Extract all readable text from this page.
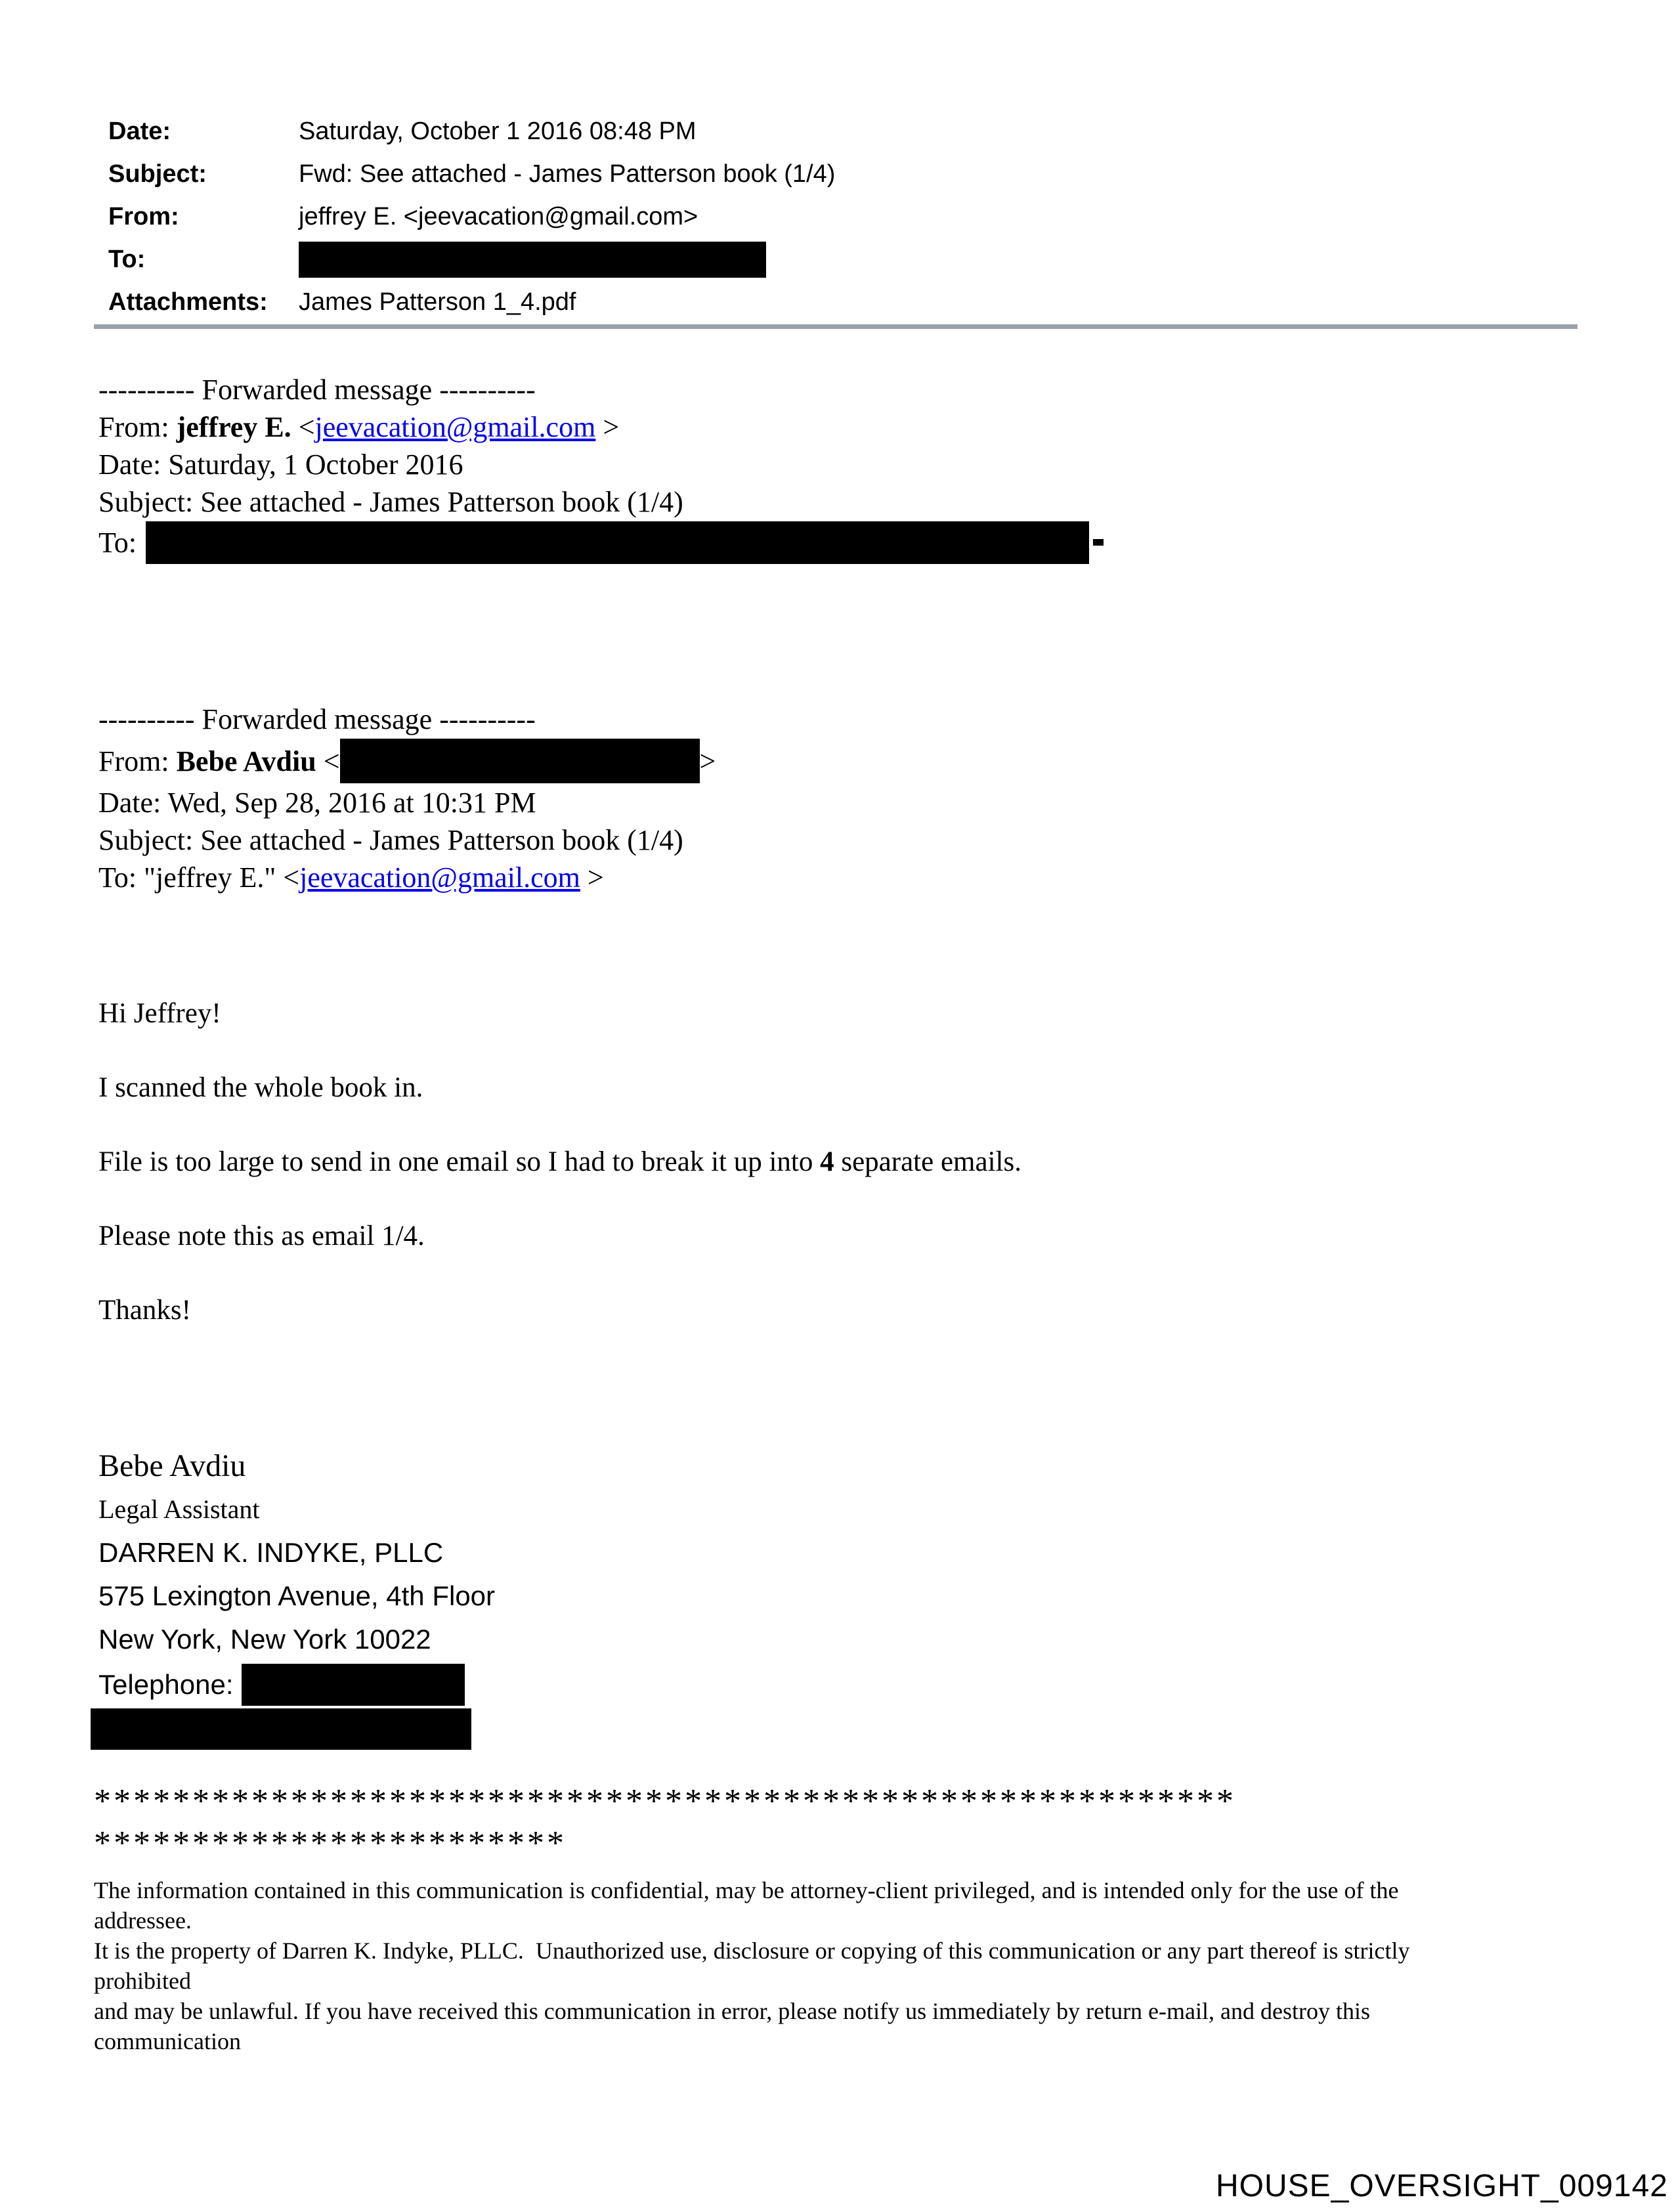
Date:	Saturday, October 1 2016 08:48 PM
Subject:	Fwd: See attached - James Patterson book (1/4)
From:	jeffrey E. <jeevacation@gmail.com>
To:
Attachments:	James Patterson 1_4.pdf
---------- Forwarded message ----------
From: jeffrey E. <jeevacation@gmail.com >
Date: Saturday, 1 October 2016
Subject: See attached - James Patterson book (1/4)
To:
---------- Forwarded message ----------
From:
Bebe Avdiu
<	>
Date: Wed, Sep 28, 2016 at 10:31 PM
Subject: See attached - James Patterson book (1/4)
To: "jeffrey E." <jeevacation@gmail.com >

Hi Jeffrey!

I scanned the whole book in.

File is too large to send in one email so I had to break it up into 4 separate emails.

Please note this as email 1/4.

Thanks!

Bebe Avdiu
Legal Assistant
DARREN K. INDYKE, PLLC
575 Lexington Avenue, 4th Floor
New York, New York 10022
Telephone:
**********************************************************
************************
The information contained in this communication is confidential, may be attorney-client privileged, and is intended only for the use of the
addressee.
It is the property of Darren K. Indyke, PLLC.  Unauthorized use, disclosure or copying of this communication or any part thereof is strictly
prohibited
and may be unlawful. If you have received this communication in error, please notify us immediately by return e-mail, and destroy this
communication
HOUSE_OVERSIGHT_009142
